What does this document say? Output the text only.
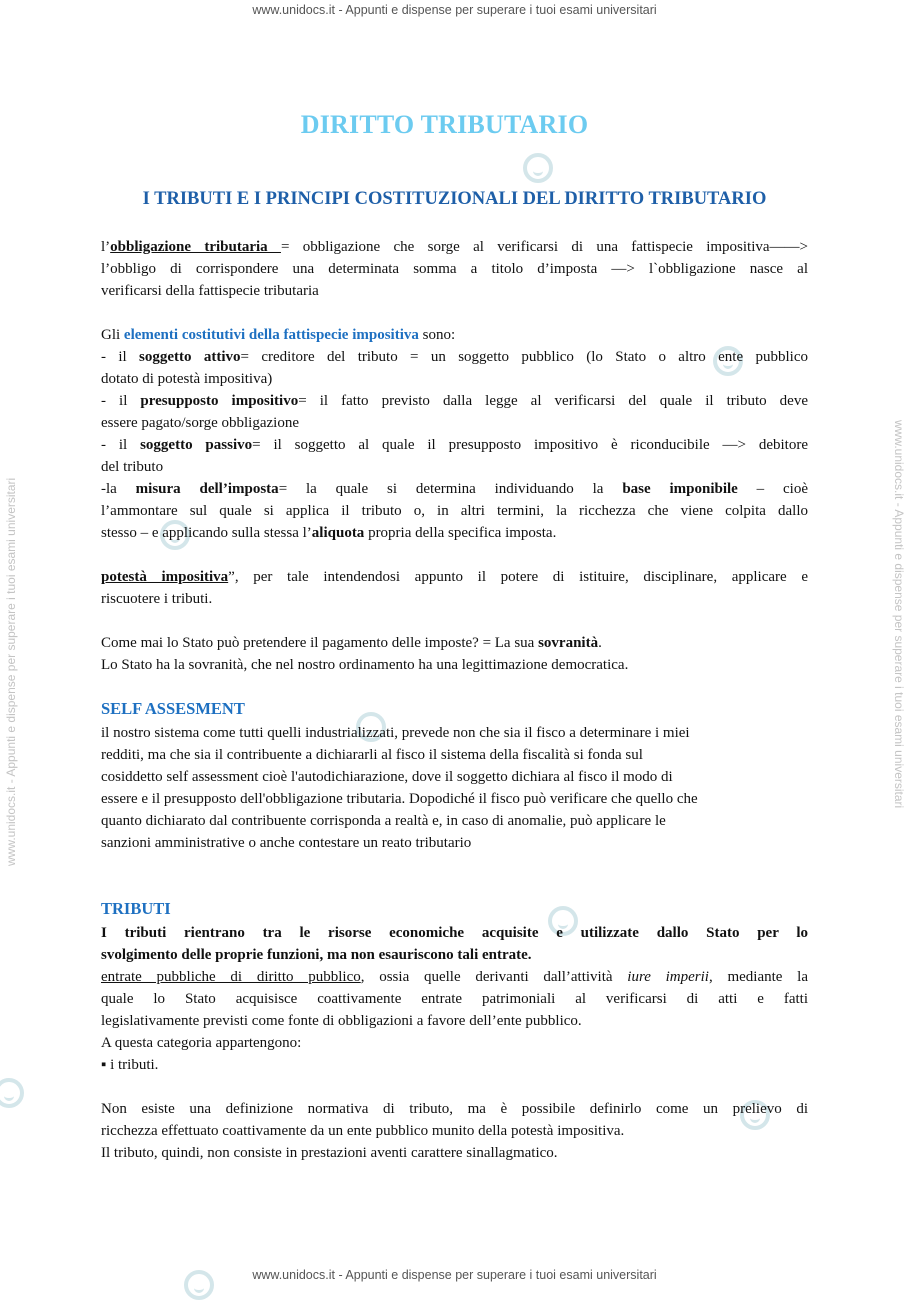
www.unidocs.it - Appunti e dispense per superare i tuoi esami universitari
www.unidocs.it - Appunti e dispense per superare i tuoi esami universitari
www.unidocs.it - Appunti e dispense per superare i tuoi esami universitari	www.unidocs.it - Appunti e dispense per superare i tuoi esami universitari
DIRITTO TRIBUTARIO
I TRIBUTI E I PRINCIPI COSTITUZIONALI DEL DIRITTO TRIBUTARIO
l’obbligazione tributaria = obbligazione che sorge al verificarsi di una fattispecie impositiva——>
l’obbligo di corrispondere una determinata somma a titolo d’imposta —> l`obbligazione nasce al
verificarsi della fattispecie tributaria
Gli elementi costitutivi della fattispecie impositiva sono:
- il soggetto attivo= creditore del tributo = un soggetto pubblico (lo Stato o altro ente pubblico
dotato di potestà impositiva)
- il presupposto impositivo= il fatto previsto dalla legge al verificarsi del quale il tributo deve
essere pagato/sorge obbligazione
- il soggetto passivo= il soggetto al quale il presupposto impositivo è riconducibile —> debitore
del tributo
-la misura dell’imposta= la quale si determina individuando la base imponibile – cioè
l’ammontare sul quale si applica il tributo o, in altri termini, la ricchezza che viene colpita dallo
stesso – e applicando sulla stessa l’aliquota propria della specifica imposta.
potestà impositiva”, per tale intendendosi appunto il potere di istituire, disciplinare, applicare e
riscuotere i tributi.
Come mai lo Stato può pretendere il pagamento delle imposte? = La sua sovranità.
Lo Stato ha la sovranità, che nel nostro ordinamento ha una legittimazione democratica.
SELF ASSESMENT
il nostro sistema come tutti quelli industrializzati, prevede non che sia il fisco a determinare i miei
redditi, ma che sia il contribuente a dichiararli al fisco il sistema della fiscalità si fonda sul
cosiddetto self assessment cioè l'autodichiarazione, dove il soggetto dichiara al fisco il modo di
essere e il presupposto dell'obbligazione tributaria. Dopodiché il fisco può verificare che quello che
quanto dichiarato dal contribuente corrisponda a realtà e, in caso di anomalie, può applicare le
sanzioni amministrative o anche contestare un reato tributario
TRIBUTI
I tributi rientrano tra le risorse economiche acquisite e utilizzate dallo Stato per lo
svolgimento delle proprie funzioni, ma non esauriscono tali entrate.
entrate pubbliche di diritto pubblico, ossia quelle derivanti dall’attività iure imperii, mediante la
quale lo Stato acquisisce coattivamente entrate patrimoniali al verificarsi di atti e fatti
legislativamente previsti come fonte di obbligazioni a favore dell’ente pubblico.
A questa categoria appartengono:
▪ i tributi.
Non esiste una definizione normativa di tributo, ma è possibile definirlo come un prelievo di
ricchezza effettuato coattivamente da un ente pubblico munito della potestà impositiva.
Il tributo, quindi, non consiste in prestazioni aventi carattere sinallagmatico.
